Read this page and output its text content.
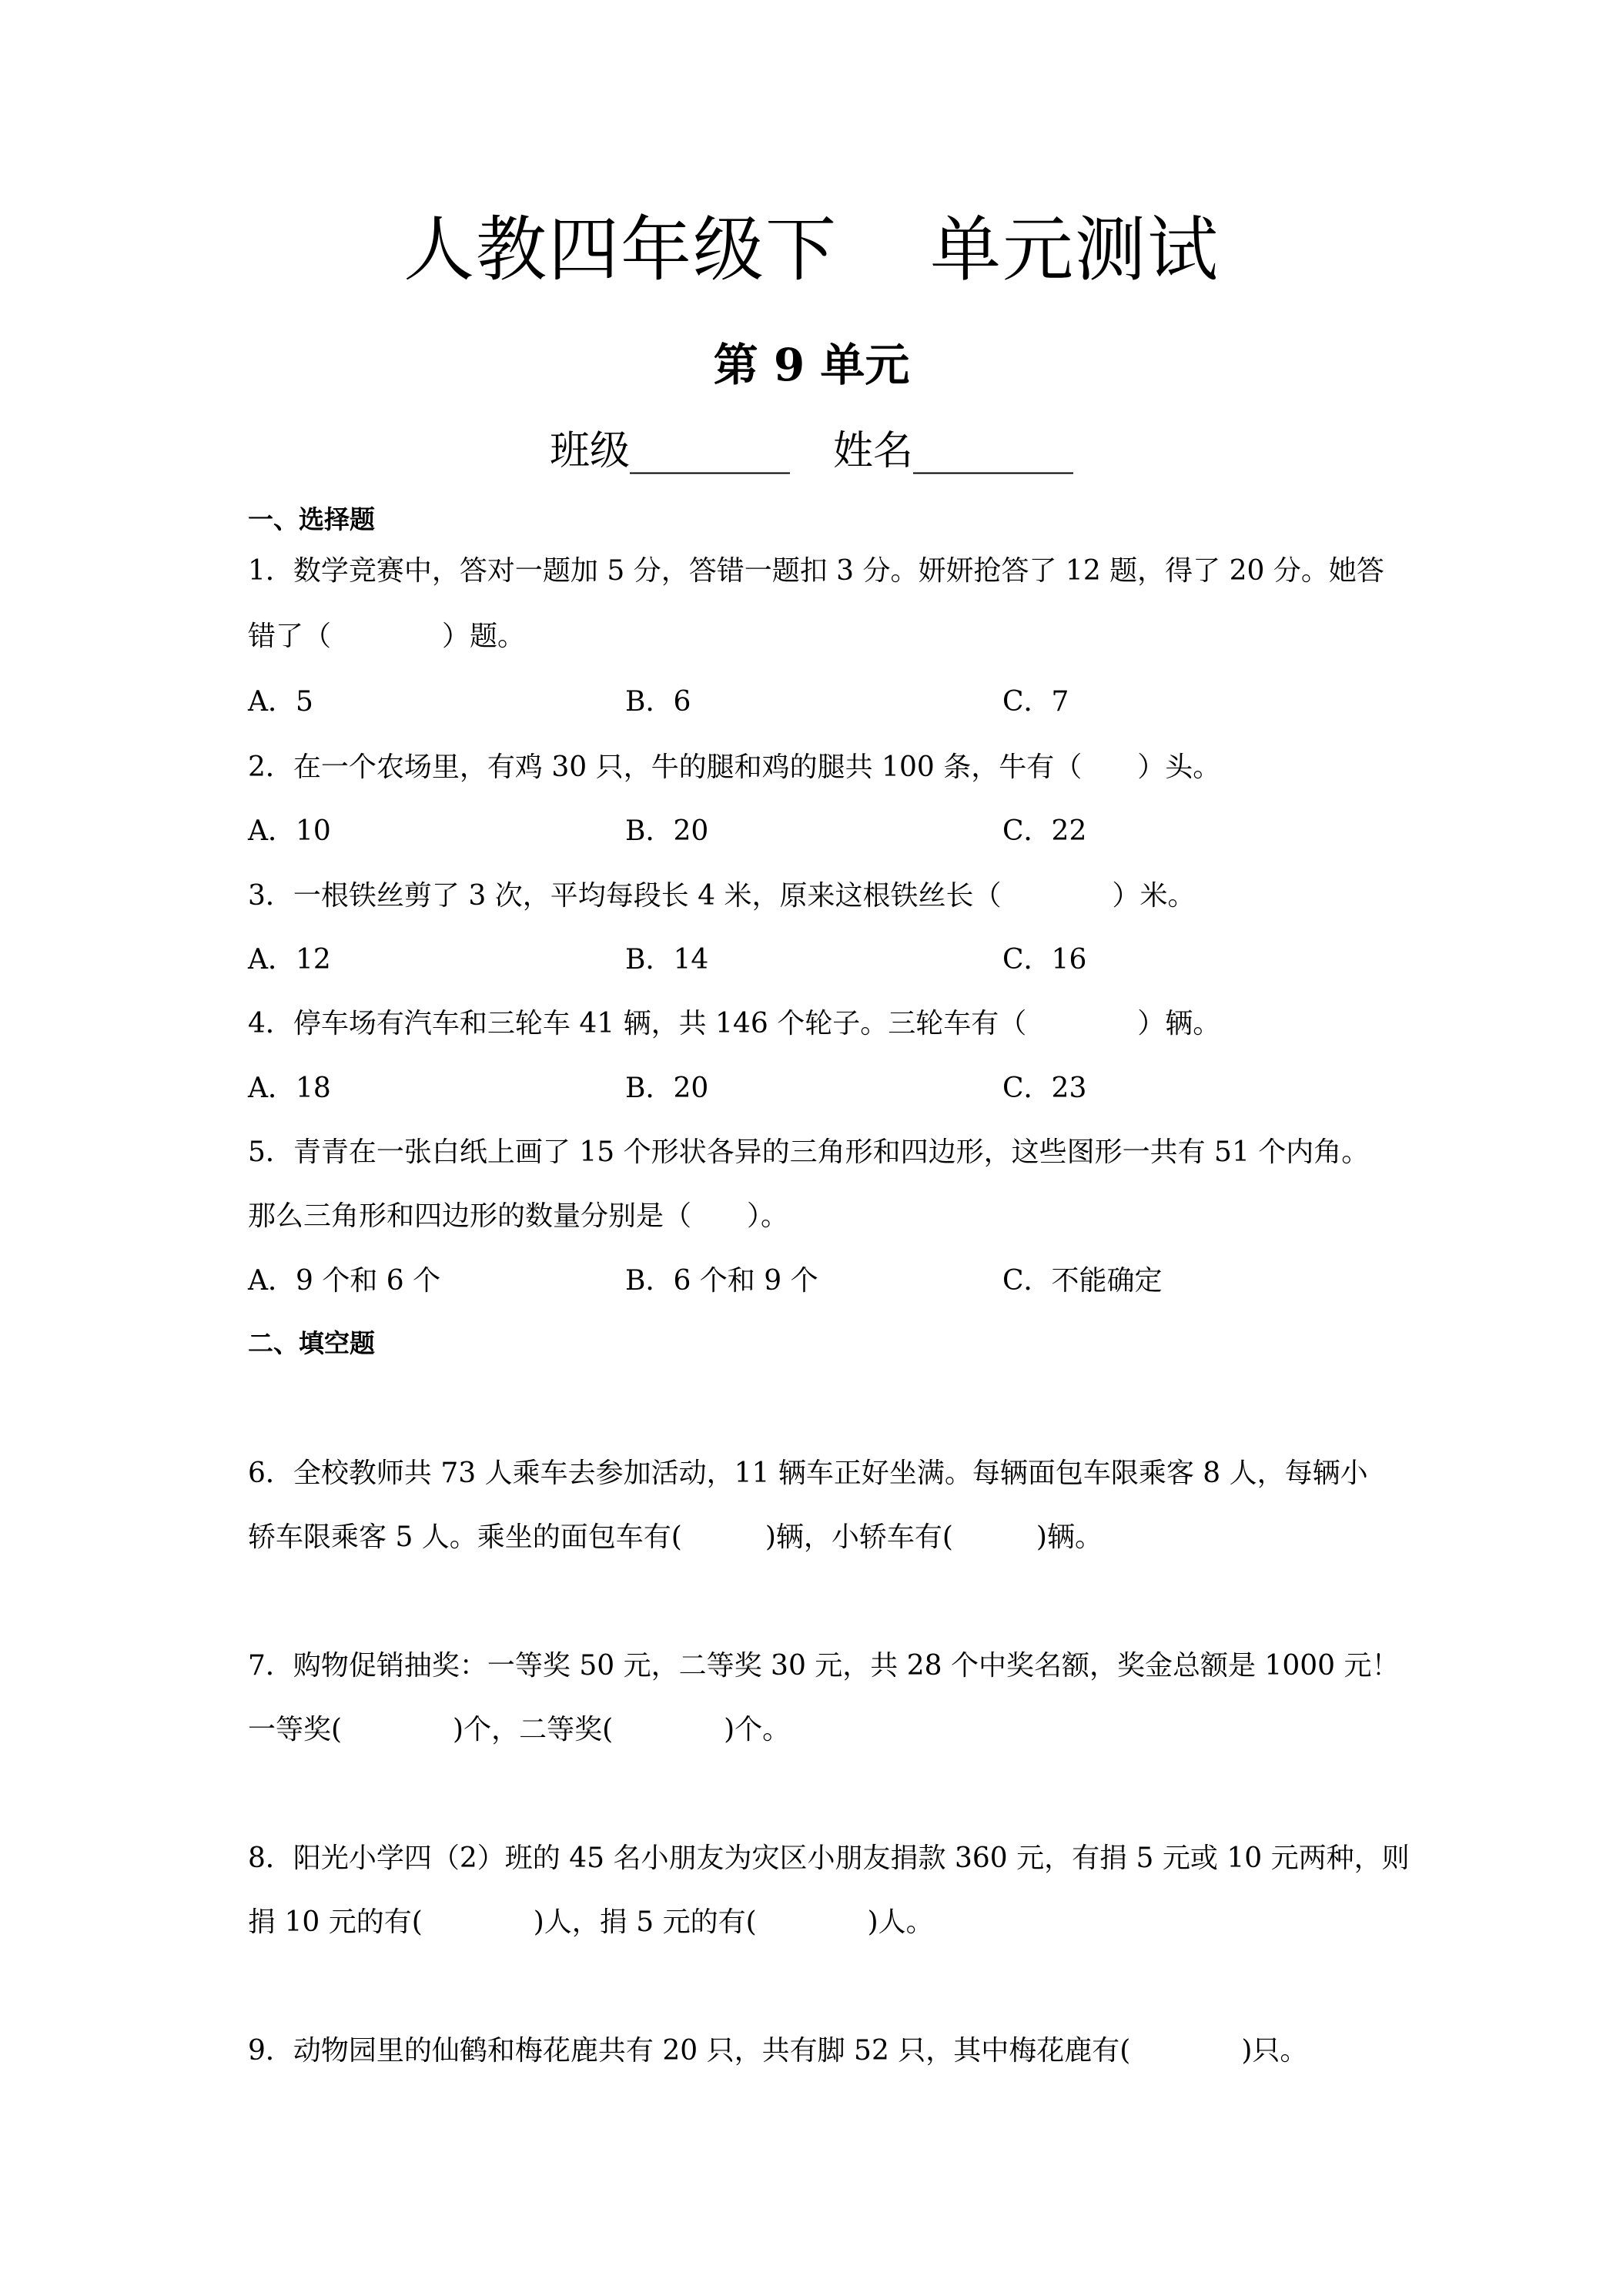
人教四年级下 单元测试
第 9 单元
班级________ 姓名________
一、选择题
1．数学竞赛中，答对一题加 5 分，答错一题扣 3 分。妍妍抢答了 12 题，得了 20 分。她答
错了（　　　　）题。
A．5	B．6	C．7
2．在一个农场里，有鸡 30 只，牛的腿和鸡的腿共 100 条，牛有（　　）头。
A．10	B．20	C．22
3．一根铁丝剪了 3 次，平均每段长 4 米，原来这根铁丝长（　　　　）米。
A．12	B．14	C．16
4．停车场有汽车和三轮车 41 辆，共 146 个轮子。三轮车有（　　　　）辆。
A．18	B．20	C．23
5．青青在一张白纸上画了 15 个形状各异的三角形和四边形，这些图形一共有 51 个内角。
那么三角形和四边形的数量分别是（　　）。
A．9 个和 6 个	B．6 个和 9 个	C．不能确定
二、填空题
6．全校教师共 73 人乘车去参加活动，11 辆车正好坐满。每辆面包车限乘客 8 人，每辆小
轿车限乘客 5 人。乘坐的面包车有(　　　)辆，小轿车有(　　　)辆。
7．购物促销抽奖：一等奖 50 元，二等奖 30 元，共 28 个中奖名额，奖金总额是 1000 元！
一等奖(　　　　)个，二等奖(　　　　)个。
8．阳光小学四（2）班的 45 名小朋友为灾区小朋友捐款 360 元，有捐 5 元或 10 元两种，则
捐 10 元的有(　　　　)人，捐 5 元的有(　　　　)人。
9．动物园里的仙鹤和梅花鹿共有 20 只，共有脚 52 只，其中梅花鹿有(　　　　)只。
